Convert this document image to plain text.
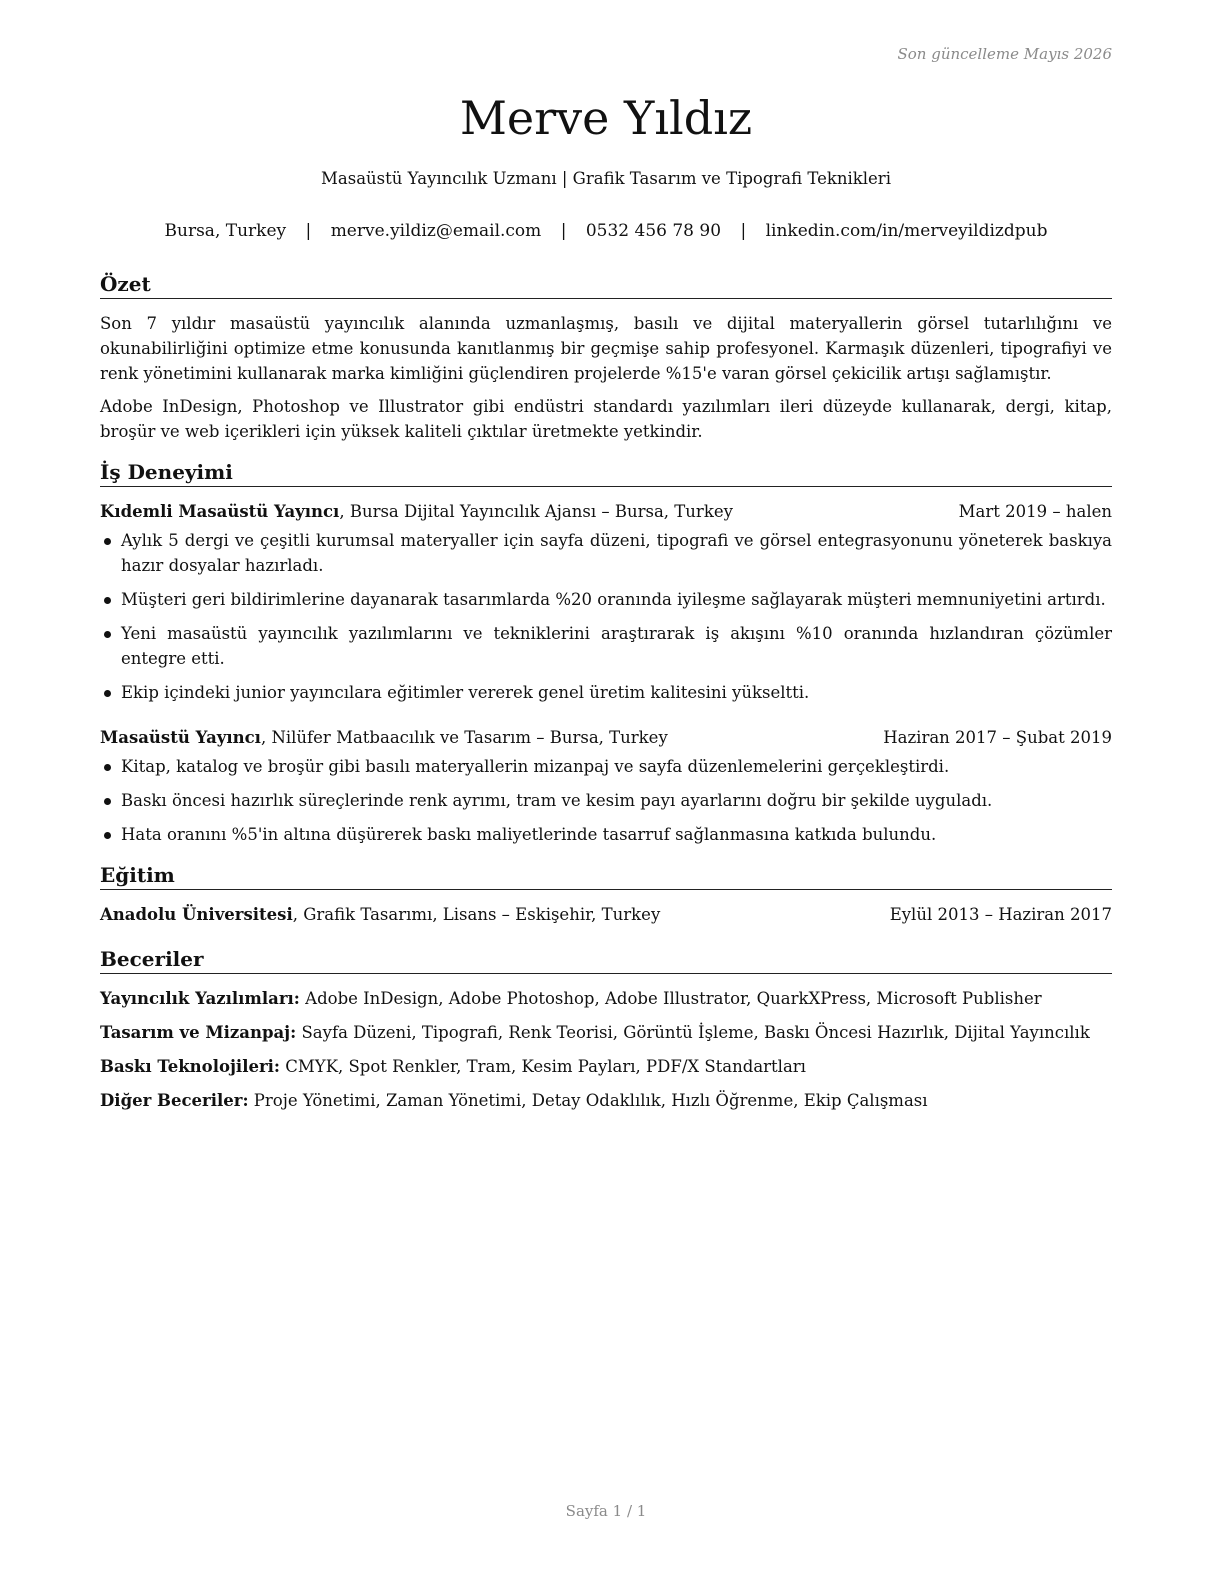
Son güncelleme Mayıs 2026
Merve Yıldız
Masaüstü Yayıncılık Uzmanı | Grafik Tasarım ve Tipografi Teknikleri
Bursa, Turkey | merve.yildiz@email.com | 0532 456 78 90 | linkedin.com/in/merveyildizdpub
Özet

Son 7 yıldır masaüstü yayıncılık alanında uzmanlaşmış, basılı ve dijital materyallerin görsel tutarlılığını ve okunabilirliğini optimize etme konusunda kanıtlanmış bir geçmişe sahip profesyonel. Karmaşık düzenleri, tipografiyi ve renk yönetimini kullanarak marka kimliğini güçlendiren projelerde %15'e varan görsel çekicilik artışı sağlamıştır.

Adobe InDesign, Photoshop ve Illustrator gibi endüstri standardı yazılımları ileri düzeyde kullanarak, dergi, kitap, broşür ve web içerikleri için yüksek kaliteli çıktılar üretmekte yetkindir.

İş Deneyimi
Kıdemli Masaüstü Yayıncı, Bursa Dijital Yayıncılık Ajansı – Bursa, Turkey	Mart 2019 – halen
Aylık 5 dergi ve çeşitli kurumsal materyaller için sayfa düzeni, tipografi ve görsel entegrasyonunu yöneterek baskıya hazır dosyalar hazırladı.
Müşteri geri bildirimlerine dayanarak tasarımlarda %20 oranında iyileşme sağlayarak müşteri memnuniyetini artırdı.
Yeni masaüstü yayıncılık yazılımlarını ve tekniklerini araştırarak iş akışını %10 oranında hızlandıran çözümler entegre etti.
Ekip içindeki junior yayıncılara eğitimler vererek genel üretim kalitesini yükseltti.
Masaüstü Yayıncı, Nilüfer Matbaacılık ve Tasarım – Bursa, Turkey	Haziran 2017 – Şubat 2019
Kitap, katalog ve broşür gibi basılı materyallerin mizanpaj ve sayfa düzenlemelerini gerçekleştirdi.
Baskı öncesi hazırlık süreçlerinde renk ayrımı, tram ve kesim payı ayarlarını doğru bir şekilde uyguladı.
Hata oranını %5'in altına düşürerek baskı maliyetlerinde tasarruf sağlanmasına katkıda bulundu.
Eğitim
Anadolu Üniversitesi, Grafik Tasarımı, Lisans – Eskişehir, Turkey	Eylül 2013 – Haziran 2017
Beceriler
Yayıncılık Yazılımları: Adobe InDesign, Adobe Photoshop, Adobe Illustrator, QuarkXPress, Microsoft Publisher
Tasarım ve Mizanpaj: Sayfa Düzeni, Tipografi, Renk Teorisi, Görüntü İşleme, Baskı Öncesi Hazırlık, Dijital Yayıncılık
Baskı Teknolojileri: CMYK, Spot Renkler, Tram, Kesim Payları, PDF/X Standartları
Diğer Beceriler: Proje Yönetimi, Zaman Yönetimi, Detay Odaklılık, Hızlı Öğrenme, Ekip Çalışması
Sayfa 1 / 1
